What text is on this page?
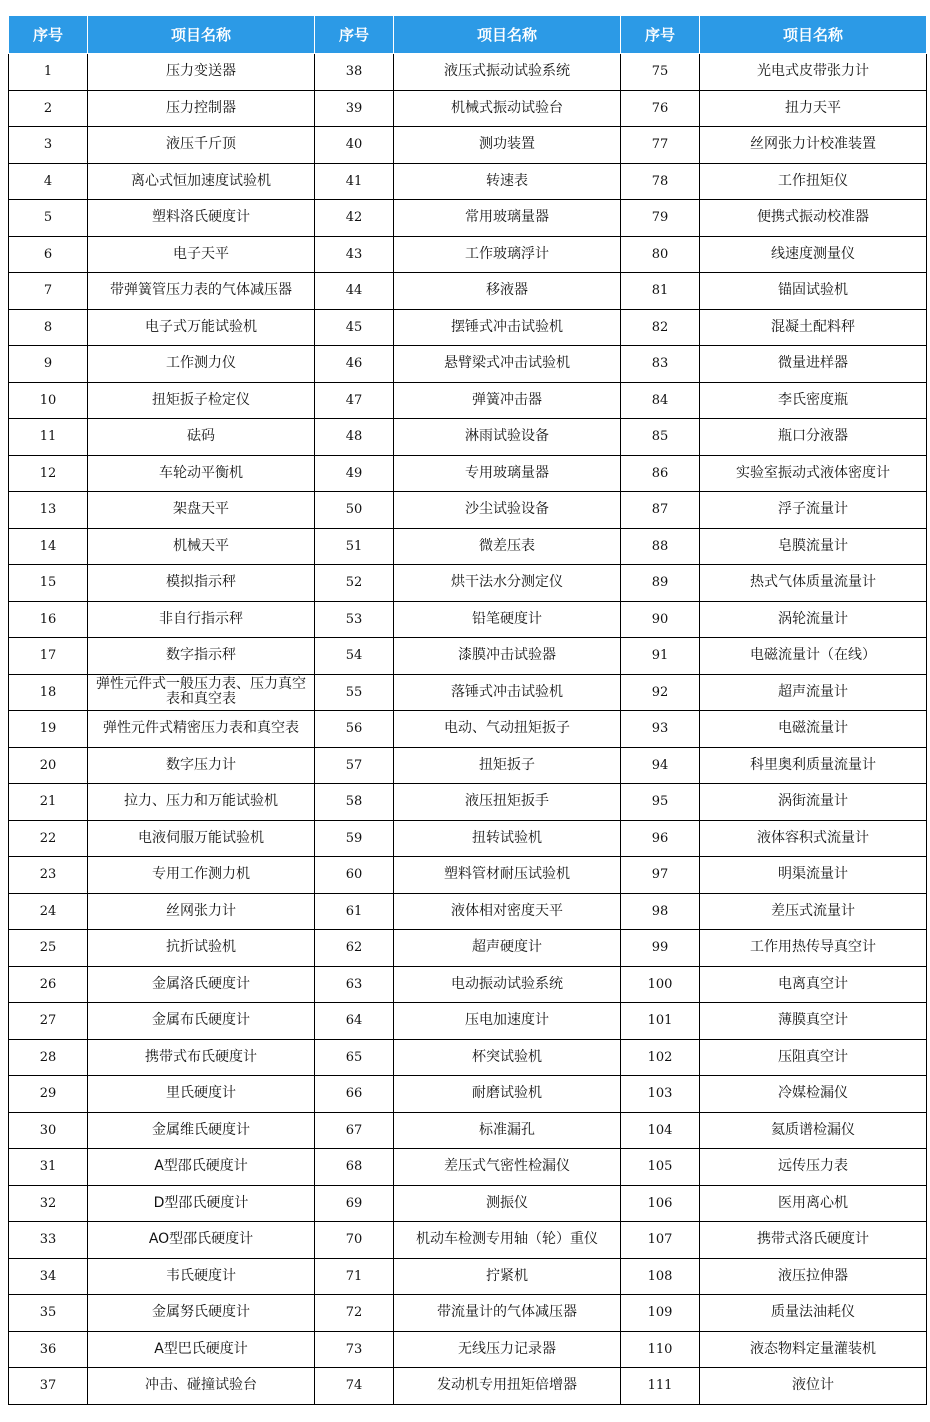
序号	项目名称	序号	项目名称	序号	项目名称
1	压力变送器	38	液压式振动试验系统	75	光电式皮带张力计
2	压力控制器	39	机械式振动试验台	76	扭力天平
3	液压千斤顶	40	测功装置	77	丝网张力计校准装置
4	离心式恒加速度试验机	41	转速表	78	工作扭矩仪
5	塑料洛氏硬度计	42	常用玻璃量器	79	便携式振动校准器
6	电子天平	43	工作玻璃浮计	80	线速度测量仪
7	带弹簧管压力表的气体减压器	44	移液器	81	锚固试验机
8	电子式万能试验机	45	摆锤式冲击试验机	82	混凝土配料秤
9	工作测力仪	46	悬臂梁式冲击试验机	83	微量进样器
10	扭矩扳子检定仪	47	弹簧冲击器	84	李氏密度瓶
11	砝码	48	淋雨试验设备	85	瓶口分液器
12	车轮动平衡机	49	专用玻璃量器	86	实验室振动式液体密度计
13	架盘天平	50	沙尘试验设备	87	浮子流量计
14	机械天平	51	微差压表	88	皂膜流量计
15	模拟指示秤	52	烘干法水分测定仪	89	热式气体质量流量计
16	非自行指示秤	53	铅笔硬度计	90	涡轮流量计
17	数字指示秤	54	漆膜冲击试验器	91	电磁流量计（在线）
18	弹性元件式一般压力表、压力真空表和真空表	55	落锤式冲击试验机	92	超声流量计
19	弹性元件式精密压力表和真空表	56	电动、气动扭矩扳子	93	电磁流量计
20	数字压力计	57	扭矩扳子	94	科里奥利质量流量计
21	拉力、压力和万能试验机	58	液压扭矩扳手	95	涡街流量计
22	电液伺服万能试验机	59	扭转试验机	96	液体容积式流量计
23	专用工作测力机	60	塑料管材耐压试验机	97	明渠流量计
24	丝网张力计	61	液体相对密度天平	98	差压式流量计
25	抗折试验机	62	超声硬度计	99	工作用热传导真空计
26	金属洛氏硬度计	63	电动振动试验系统	100	电离真空计
27	金属布氏硬度计	64	压电加速度计	101	薄膜真空计
28	携带式布氏硬度计	65	杯突试验机	102	压阻真空计
29	里氏硬度计	66	耐磨试验机	103	冷媒检漏仪
30	金属维氏硬度计	67	标准漏孔	104	氦质谱检漏仪
31	A型邵氏硬度计	68	差压式气密性检漏仪	105	远传压力表
32	D型邵氏硬度计	69	测振仪	106	医用离心机
33	AO型邵氏硬度计	70	机动车检测专用轴（轮）重仪	107	携带式洛氏硬度计
34	韦氏硬度计	71	拧紧机	108	液压拉伸器
35	金属努氏硬度计	72	带流量计的气体减压器	109	质量法油耗仪
36	A型巴氏硬度计	73	无线压力记录器	110	液态物料定量灌装机
37	冲击、碰撞试验台	74	发动机专用扭矩倍增器	111	液位计
